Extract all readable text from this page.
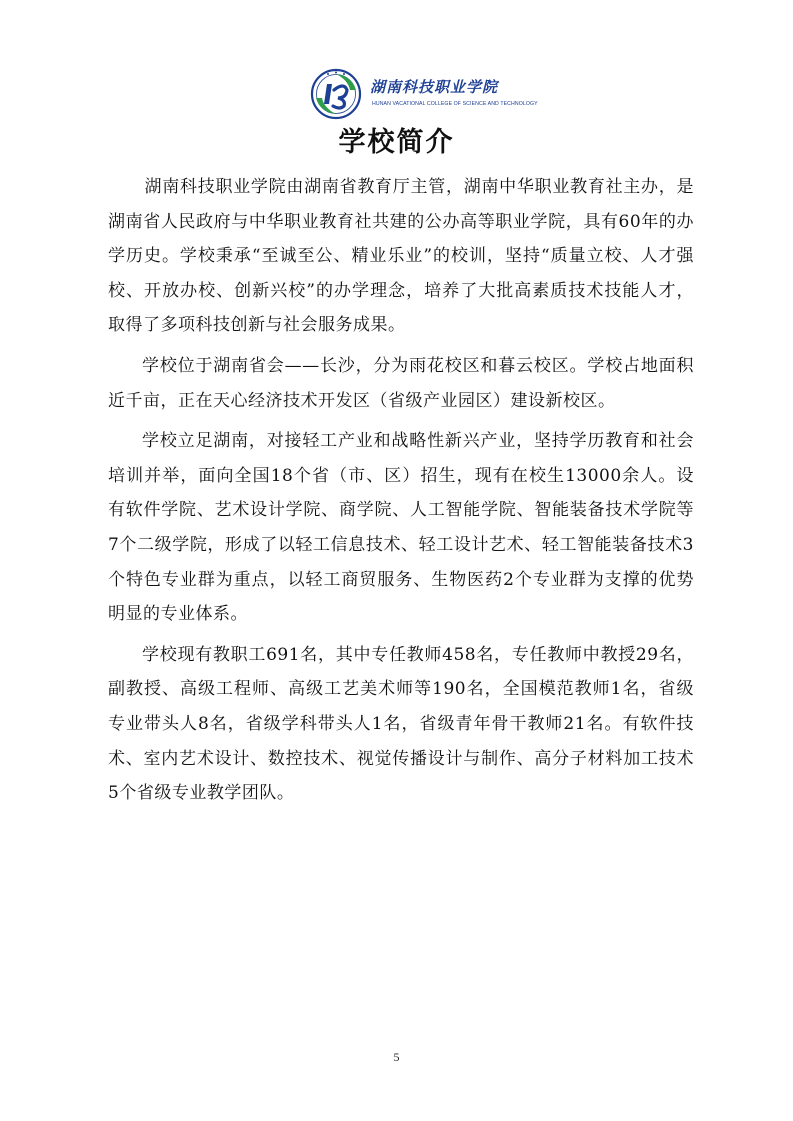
湖南科技职业学院
HUNAN VACATIONAL COLLEGE OF SCIENCE AND TECHNOLOGY
学校简介

湖南科技职业学院由湖南省教育厅主管，湖南中华职业教育社主办，是湖南省人民政府与中华职业教育社共建的公办高等职业学院，具有60年的办学历史。学校秉承“至诚至公、精业乐业”的校训，坚持“质量立校、人才强校、开放办校、创新兴校”的办学理念，培养了大批高素质技术技能人才，取得了多项科技创新与社会服务成果。

学校位于湖南省会——长沙，分为雨花校区和暮云校区。学校占地面积近千亩，正在天心经济技术开发区（省级产业园区）建设新校区。

学校立足湖南，对接轻工产业和战略性新兴产业，坚持学历教育和社会培训并举，面向全国18个省（市、区）招生，现有在校生13000余人。设有软件学院、艺术设计学院、商学院、人工智能学院、智能装备技术学院等7个二级学院，形成了以轻工信息技术、轻工设计艺术、轻工智能装备技术3个特色专业群为重点，以轻工商贸服务、生物医药2个专业群为支撑的优势明显的专业体系。

学校现有教职工691名，其中专任教师458名，专任教师中教授29名，副教授、高级工程师、高级工艺美术师等190名，全国模范教师1名，省级专业带头人8名，省级学科带头人1名，省级青年骨干教师21名。有软件技术、室内艺术设计、数控技术、视觉传播设计与制作、高分子材料加工技术5个省级专业教学团队。

5
